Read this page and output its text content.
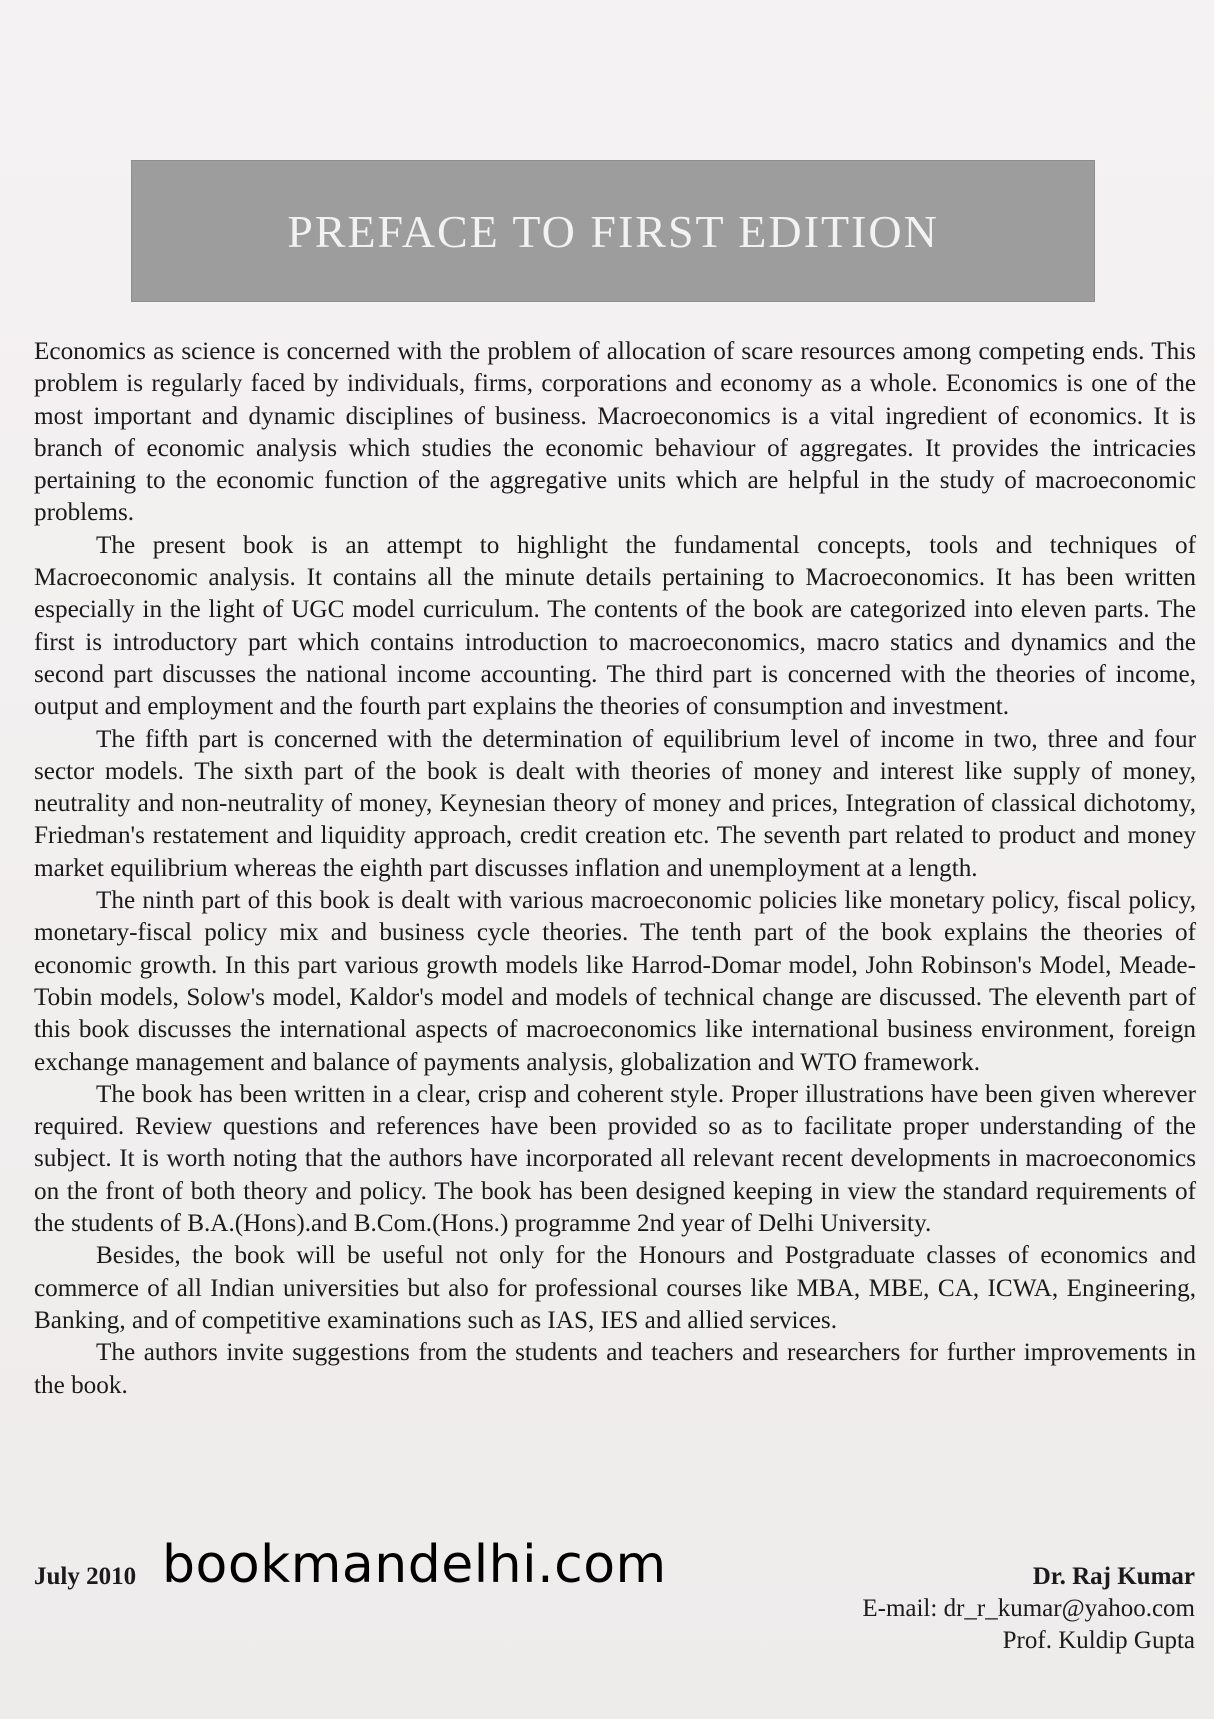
PREFACE TO FIRST EDITION

Economics as science is concerned with the problem of allocation of scare resources among competing ends. This problem is regularly faced by individuals, firms, corporations and economy as a whole. Economics is one of the most important and dynamic disciplines of business. Macroeconomics is a vital ingredient of economics. It is branch of economic analysis which studies the economic behaviour of aggregates. It provides the intricacies pertaining to the economic function of the aggregative units which are helpful in the study of macroeconomic problems.

The present book is an attempt to highlight the fundamental concepts, tools and techniques of Macroeconomic analysis. It contains all the minute details pertaining to Macroeconomics. It has been written especially in the light of UGC model curriculum. The contents of the book are categorized into eleven parts. The first is introductory part which contains introduction to macroeconomics, macro statics and dynamics and the second part discusses the national income accounting. The third part is concerned with the theories of income, output and employment and the fourth part explains the theories of consumption and investment.

The fifth part is concerned with the determination of equilibrium level of income in two, three and four sector models. The sixth part of the book is dealt with theories of money and interest like supply of money, neutrality and non-neutrality of money, Keynesian theory of money and prices, Integration of classical dichotomy, Friedman's restatement and liquidity approach, credit creation etc. The seventh part related to product and money market equilibrium whereas the eighth part discusses inflation and unemployment at a length.

The ninth part of this book is dealt with various macroeconomic policies like monetary policy, fiscal policy, monetary-fiscal policy mix and business cycle theories. The tenth part of the book explains the theories of economic growth. In this part various growth models like Harrod-Domar model, John Robinson's Model, Meade-Tobin models, Solow's model, Kaldor's model and models of technical change are discussed. The eleventh part of this book discusses the international aspects of macroeconomics like international business environment, foreign exchange management and balance of payments analysis, globalization and WTO framework.

The book has been written in a clear, crisp and coherent style. Proper illustrations have been given wherever required. Review questions and references have been provided so as to facilitate proper understanding of the subject. It is worth noting that the authors have incorporated all relevant recent developments in macroeconomics on the front of both theory and policy. The book has been designed keeping in view the standard requirements of the students of B.A.(Hons).and B.Com.(Hons.) programme 2nd year of Delhi University.

Besides, the book will be useful not only for the Honours and Postgraduate classes of economics and commerce of all Indian universities but also for professional courses like MBA, MBE, CA, ICWA, Engineering, Banking, and of competitive examinations such as IAS, IES and allied services.

The authors invite suggestions from the students and teachers and researchers for further improvements in the book.

July 2010 bookmandelhi.com	Dr. Raj Kumar
E-mail: dr_r_kumar@yahoo.com
Prof. Kuldip Gupta
